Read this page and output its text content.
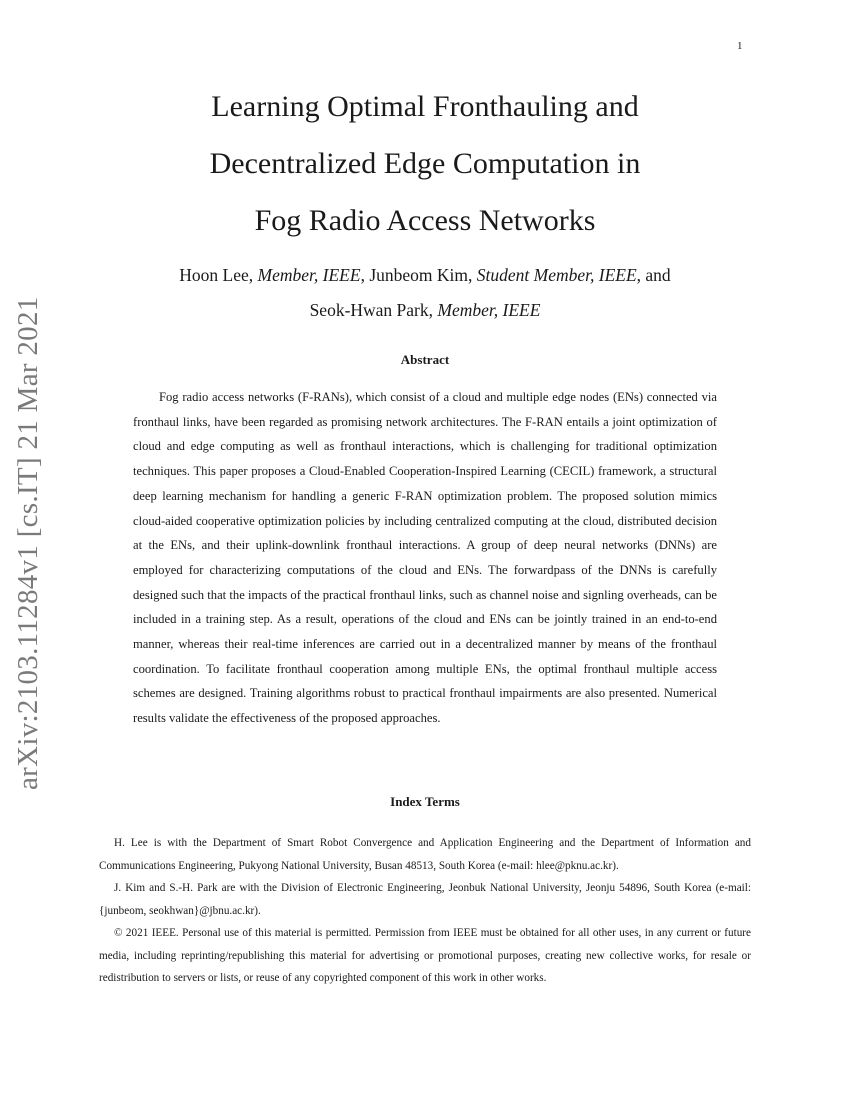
1
arXiv:2103.11284v1 [cs.IT] 21 Mar 2021
Learning Optimal Fronthauling and
Decentralized Edge Computation in
Fog Radio Access Networks
Hoon Lee, Member, IEEE, Junbeom Kim, Student Member, IEEE, and
Seok-Hwan Park, Member, IEEE
Abstract

Fog radio access networks (F-RANs), which consist of a cloud and multiple edge nodes (ENs) connected via fronthaul links, have been regarded as promising network architectures. The F-RAN entails a joint optimization of cloud and edge computing as well as fronthaul interactions, which is challenging for traditional optimization techniques. This paper proposes a Cloud-Enabled Cooperation-Inspired Learning (CECIL) framework, a structural deep learning mechanism for handling a generic F-RAN optimization problem. The proposed solution mimics cloud-aided cooperative optimization policies by including centralized computing at the cloud, distributed decision at the ENs, and their uplink-downlink fronthaul interactions. A group of deep neural networks (DNNs) are employed for characterizing computations of the cloud and ENs. The forwardpass of the DNNs is carefully designed such that the impacts of the practical fronthaul links, such as channel noise and signling overheads, can be included in a training step. As a result, operations of the cloud and ENs can be jointly trained in an end-to-end manner, whereas their real-time inferences are carried out in a decentralized manner by means of the fronthaul coordination. To facilitate fronthaul cooperation among multiple ENs, the optimal fronthaul multiple access schemes are designed. Training algorithms robust to practical fronthaul impairments are also presented. Numerical results validate the effectiveness of the proposed approaches.

Index Terms

H. Lee is with the Department of Smart Robot Convergence and Application Engineering and the Department of Information and Communications Engineering, Pukyong National University, Busan 48513, South Korea (e-mail: hlee@pknu.ac.kr).

J. Kim and S.-H. Park are with the Division of Electronic Engineering, Jeonbuk National University, Jeonju 54896, South Korea (e-mail: {junbeom, seokhwan}@jbnu.ac.kr).

© 2021 IEEE. Personal use of this material is permitted. Permission from IEEE must be obtained for all other uses, in any current or future media, including reprinting/republishing this material for advertising or promotional purposes, creating new collective works, for resale or redistribution to servers or lists, or reuse of any copyrighted component of this work in other works.
